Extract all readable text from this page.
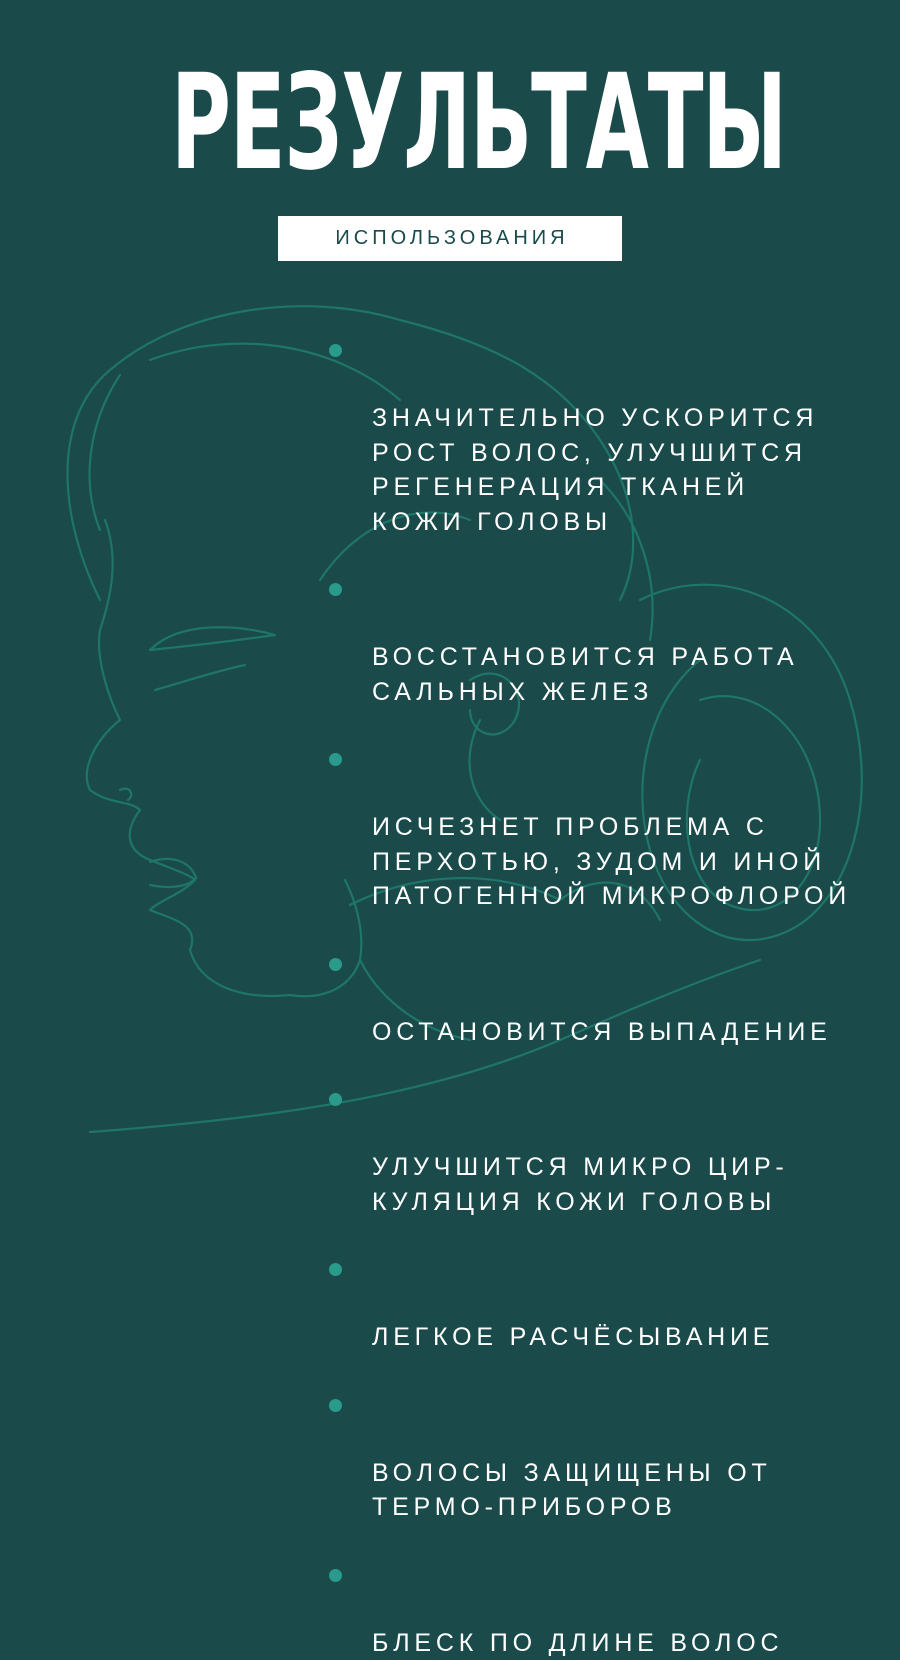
РЕЗУЛЬТАТЫ
ИСПОЛЬЗОВАНИЯ

ЗНАЧИТЕЛЬНО УСКОРИТСЯ
РОСТ ВОЛОС, УЛУЧШИТСЯ
РЕГЕНЕРАЦИЯ ТКАНЕЙ
КОЖИ ГОЛОВЫ

ВОССТАНОВИТСЯ РАБОТА
САЛЬНЫХ ЖЕЛЕЗ

ИСЧЕЗНЕТ ПРОБЛЕМА С
ПЕРХОТЬЮ, ЗУДОМ И ИНОЙ
ПАТОГЕННОЙ МИКРОФЛОРОЙ

ОСТАНОВИТСЯ ВЫПАДЕНИЕ

УЛУЧШИТСЯ МИКРО ЦИР-
КУЛЯЦИЯ КОЖИ ГОЛОВЫ

ЛЕГКОЕ РАСЧЁСЫВАНИЕ

ВОЛОСЫ ЗАЩИЩЕНЫ ОТ
ТЕРМО-ПРИБОРОВ

БЛЕСК ПО ДЛИНЕ ВОЛОС
